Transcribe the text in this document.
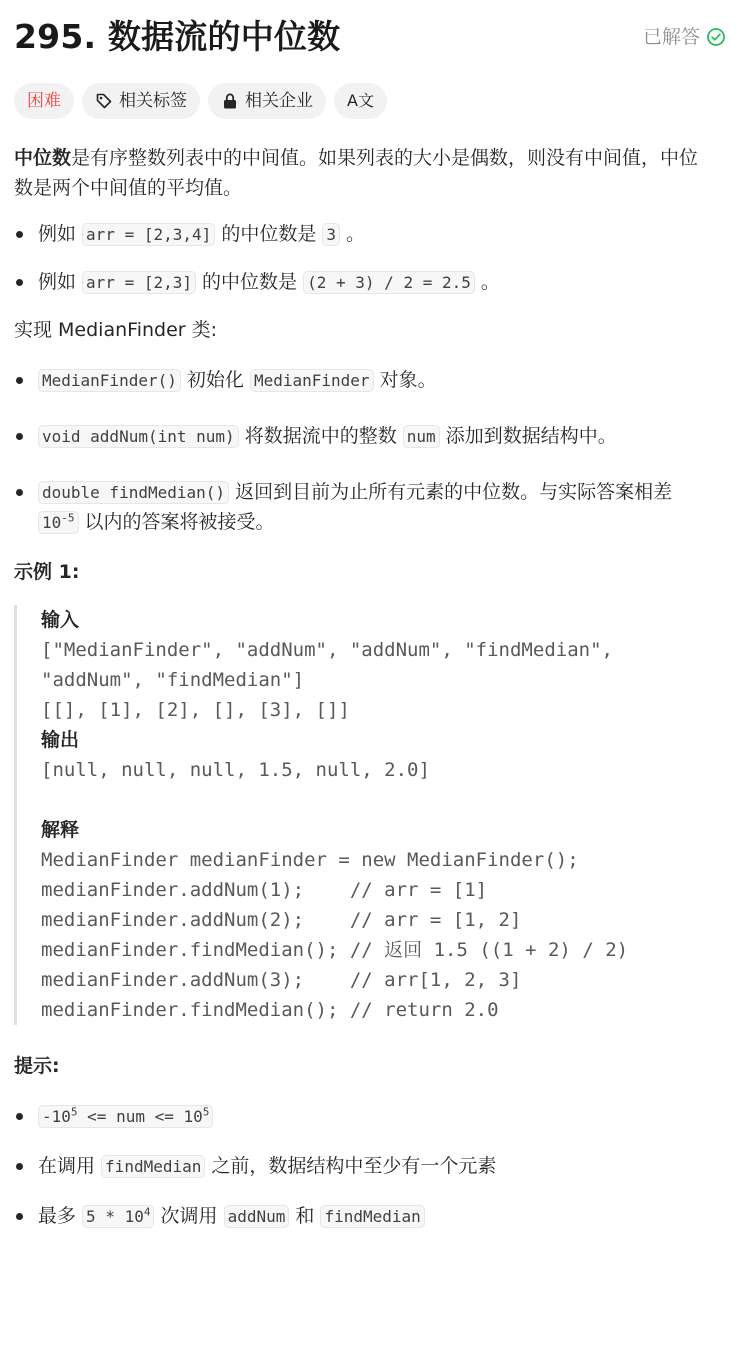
295. 数据流的中位数	已解答
困难	相关标签	相关企业 A文

中位数是有序整数列表中的中间值。如果列表的大小是偶数，则没有中间值，中位数是两个中间值的平均值。

例如 arr = [2,3,4] 的中位数是 3 。
例如 arr = [2,3] 的中位数是 (2 + 3) / 2 = 2.5 。

实现 MedianFinder 类:

MedianFinder() 初始化 MedianFinder 对象。
void addNum(int num) 将数据流中的整数 num 添加到数据结构中。
double findMedian() 返回到目前为止所有元素的中位数。与实际答案相差 $10^{-5}$ 以内的答案将被接受。
示例 1:
输入
["MedianFinder", "addNum", "addNum", "findMedian",
"addNum", "findMedian"]
[[], [1], [2], [], [3], []]
输出
[null, null, null, 1.5, null, 2.0]
解释
MedianFinder medianFinder = new MedianFinder();
medianFinder.addNum(1);    // arr = [1]
medianFinder.addNum(2);    // arr = [1, 2]
medianFinder.findMedian(); // 返回 1.5 ((1 + 2) / 2)
medianFinder.addNum(3);    // arr[1, 2, 3]
medianFinder.findMedian(); // return 2.0
提示:
$-10^5$ <= num <= $10^5$
在调用 findMedian 之前，数据结构中至少有一个元素
最多 $5 * 10^4$ 次调用 addNum 和 findMedian
